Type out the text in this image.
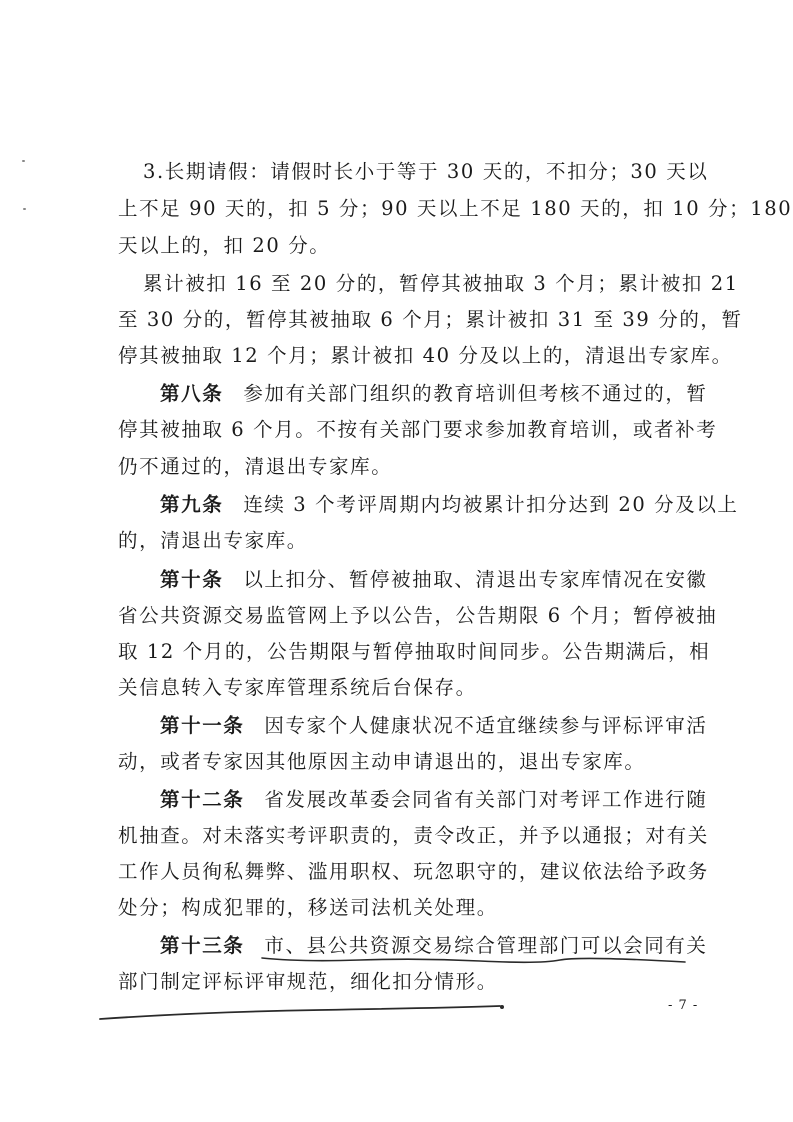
3.长期请假：请假时长小于等于 30 天的，不扣分；30 天以
上不足 90 天的，扣 5 分；90 天以上不足 180 天的，扣 10 分；180
天以上的，扣 20 分。
累计被扣 16 至 20 分的，暂停其被抽取 3 个月；累计被扣 21
至 30 分的，暂停其被抽取 6 个月；累计被扣 31 至 39 分的，暂
停其被抽取 12 个月；累计被扣 40 分及以上的，清退出专家库。
第八条 参加有关部门组织的教育培训但考核不通过的，暂
停其被抽取 6 个月。不按有关部门要求参加教育培训，或者补考
仍不通过的，清退出专家库。
第九条 连续 3 个考评周期内均被累计扣分达到 20 分及以上
的，清退出专家库。
第十条 以上扣分、暂停被抽取、清退出专家库情况在安徽
省公共资源交易监管网上予以公告，公告期限 6 个月；暂停被抽
取 12 个月的，公告期限与暂停抽取时间同步。公告期满后，相
关信息转入专家库管理系统后台保存。
第十一条 因专家个人健康状况不适宜继续参与评标评审活
动，或者专家因其他原因主动申请退出的，退出专家库。
第十二条 省发展改革委会同省有关部门对考评工作进行随
机抽查。对未落实考评职责的，责令改正，并予以通报；对有关
工作人员徇私舞弊、滥用职权、玩忽职守的，建议依法给予政务
处分；构成犯罪的，移送司法机关处理。
第十三条 市、县公共资源交易综合管理部门可以会同有关
部门制定评标评审规范，细化扣分情形。
- 7 -
